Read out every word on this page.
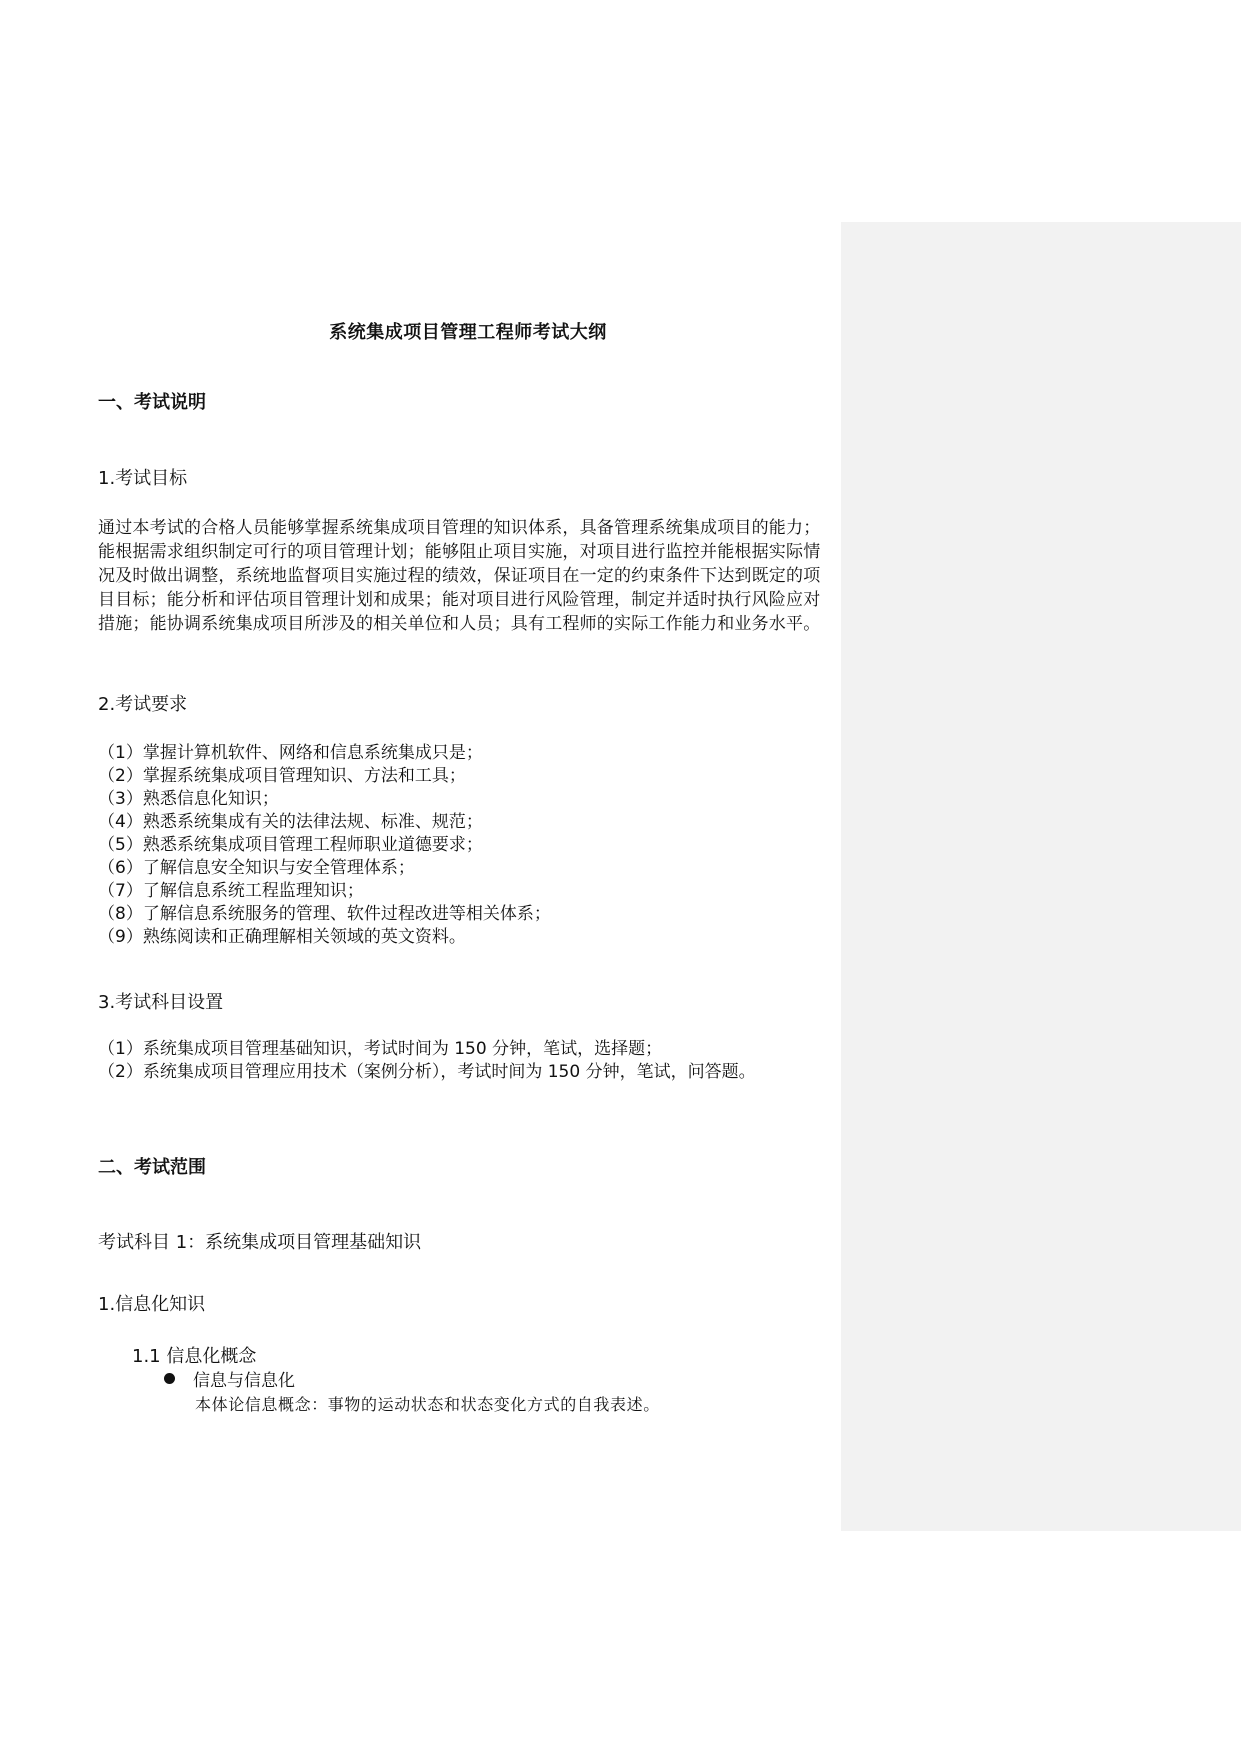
系统集成项目管理工程师考试大纲
一、考试说明
1.考试目标
通过本考试的合格人员能够掌握系统集成项目管理的知识体系，具备管理系统集成项目的能力；能根据需求组织制定可行的项目管理计划；能够阻止项目实施，对项目进行监控并能根据实际情况及时做出调整，系统地监督项目实施过程的绩效，保证项目在一定的约束条件下达到既定的项目目标；能分析和评估项目管理计划和成果；能对项目进行风险管理，制定并适时执行风险应对措施；能协调系统集成项目所涉及的相关单位和人员；具有工程师的实际工作能力和业务水平。
2.考试要求
（1）掌握计算机软件、网络和信息系统集成只是；
（2）掌握系统集成项目管理知识、方法和工具；
（3）熟悉信息化知识；
（4）熟悉系统集成有关的法律法规、标准、规范；
（5）熟悉系统集成项目管理工程师职业道德要求；
（6）了解信息安全知识与安全管理体系；
（7）了解信息系统工程监理知识；
（8）了解信息系统服务的管理、软件过程改进等相关体系；
（9）熟练阅读和正确理解相关领域的英文资料。
3.考试科目设置
（1）系统集成项目管理基础知识，考试时间为 150 分钟，笔试，选择题；
（2）系统集成项目管理应用技术（案例分析），考试时间为 150 分钟，笔试，问答题。
二、考试范围
考试科目 1：系统集成项目管理基础知识
1.信息化知识
1.1 信息化概念
信息与信息化
本体论信息概念：事物的运动状态和状态变化方式的自我表述。
